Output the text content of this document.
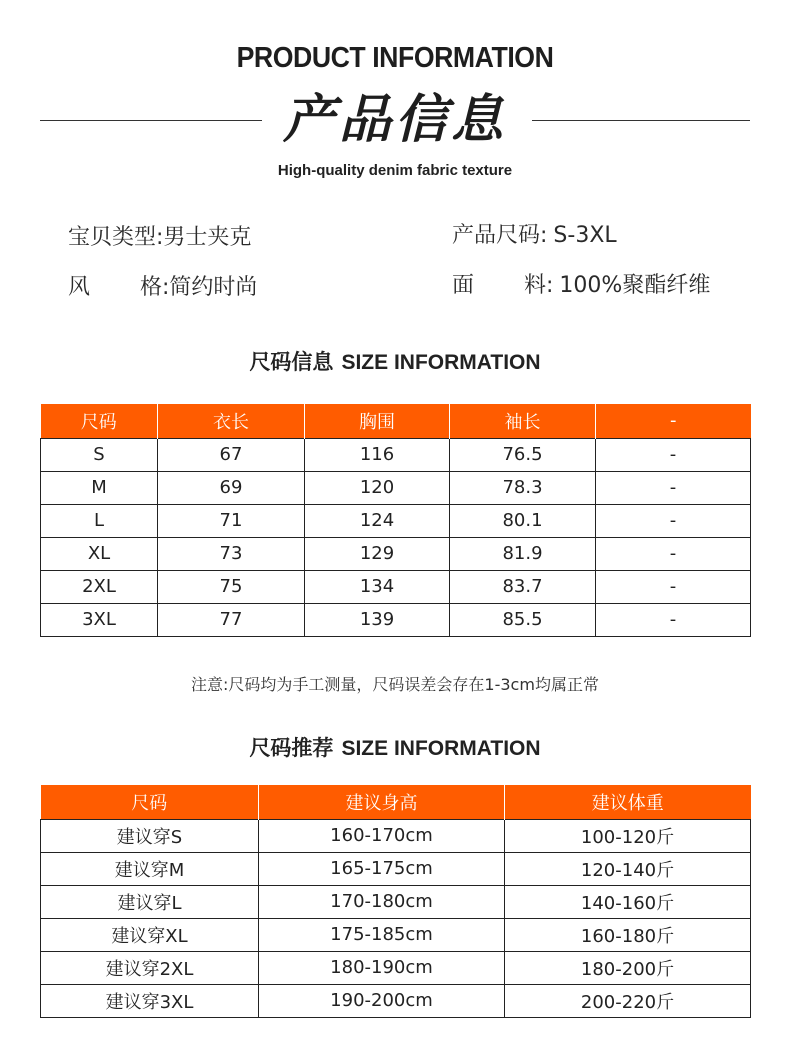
PRODUCT INFORMATION
产品信息
High-quality denim fabric texture
宝贝类型:男士夹克	产品尺码: S-3XL
风 格:简约时尚	面 料: 100%聚酯纤维
尺码信息 SIZE INFORMATION
尺码	衣长	胸围	袖长	-
S	67	116	76.5	-
M	69	120	78.3	-
L	71	124	80.1	-
XL	73	129	81.9	-
2XL	75	134	83.7	-
3XL	77	139	85.5	-
注意:尺码均为手工测量，尺码误差会存在1-3cm均属正常
尺码推荐 SIZE INFORMATION
尺码	建议身高	建议体重
建议穿S	160-170cm	100-120斤
建议穿M	165-175cm	120-140斤
建议穿L	170-180cm	140-160斤
建议穿XL	175-185cm	160-180斤
建议穿2XL	180-190cm	180-200斤
建议穿3XL	190-200cm	200-220斤
